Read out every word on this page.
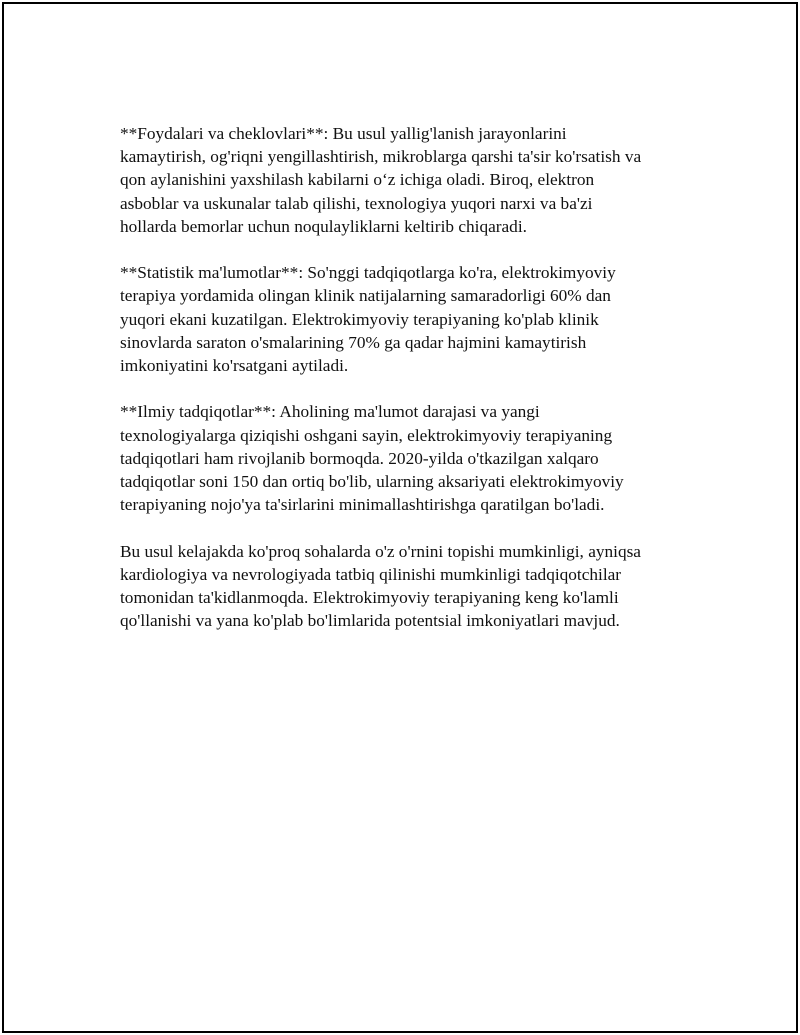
**Foydalari va cheklovlari**: Bu usul yallig'lanish jarayonlarini
kamaytirish, og'riqni yengillashtirish, mikroblarga qarshi ta'sir ko'rsatish va
qon aylanishini yaxshilash kabilarni o‘z ichiga oladi. Biroq, elektron
asboblar va uskunalar talab qilishi, texnologiya yuqori narxi va ba'zi
hollarda bemorlar uchun noqulayliklarni keltirib chiqaradi.

**Statistik ma'lumotlar**: So'nggi tadqiqotlarga ko'ra, elektrokimyoviy
terapiya yordamida olingan klinik natijalarning samaradorligi 60% dan
yuqori ekani kuzatilgan. Elektrokimyoviy terapiyaning ko'plab klinik
sinovlarda saraton o'smalarining 70% ga qadar hajmini kamaytirish
imkoniyatini ko'rsatgani aytiladi.

**Ilmiy tadqiqotlar**: Aholining ma'lumot darajasi va yangi
texnologiyalarga qiziqishi oshgani sayin, elektrokimyoviy terapiyaning
tadqiqotlari ham rivojlanib bormoqda. 2020-yilda o'tkazilgan xalqaro
tadqiqotlar soni 150 dan ortiq bo'lib, ularning aksariyati elektrokimyoviy
terapiyaning nojo'ya ta'sirlarini minimallashtirishga qaratilgan bo'ladi.

Bu usul kelajakda ko'proq sohalarda o'z o'rnini topishi mumkinligi, ayniqsa
kardiologiya va nevrologiyada tatbiq qilinishi mumkinligi tadqiqotchilar
tomonidan ta'kidlanmoqda. Elektrokimyoviy terapiyaning keng ko'lamli
qo'llanishi va yana ko'plab bo'limlarida potentsial imkoniyatlari mavjud.
